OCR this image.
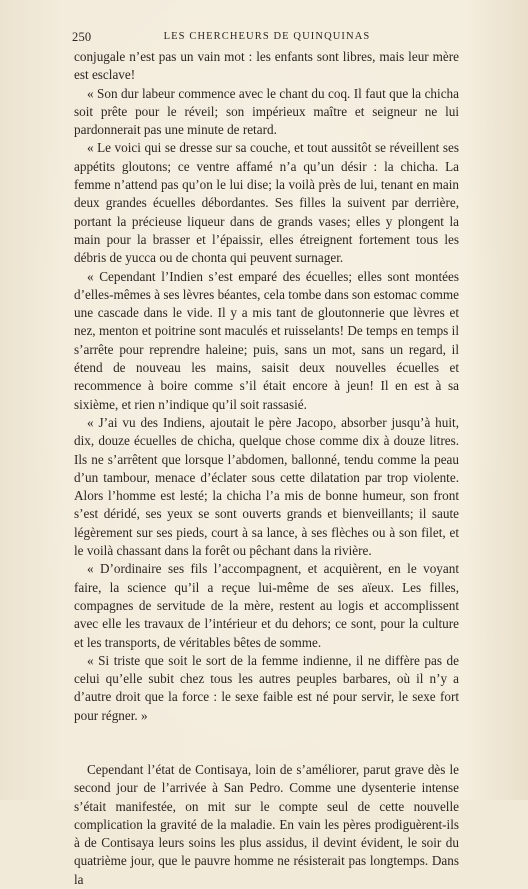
250	LES CHERCHEURS DE QUINQUINAS

conjugale n’est pas un vain mot : les enfants sont libres, mais leur mère est esclave!

« Son dur labeur commence avec le chant du coq. Il faut que la chicha soit prête pour le réveil; son impérieux maître et seigneur ne lui pardonnerait pas une minute de retard.

« Le voici qui se dresse sur sa couche, et tout aussitôt se réveillent ses appétits gloutons; ce ventre affamé n’a qu’un désir : la chicha. La femme n’attend pas qu’on le lui dise; la voilà près de lui, tenant en main deux grandes écuelles débordantes. Ses filles la suivent par derrière, portant la précieuse liqueur dans de grands vases; elles y plongent la main pour la brasser et l’épaissir, elles étreignent fortement tous les débris de yucca ou de chonta qui peuvent surnager.

« Cependant l’Indien s’est emparé des écuelles; elles sont montées d’elles-mêmes à ses lèvres béantes, cela tombe dans son estomac comme une cascade dans le vide. Il y a mis tant de gloutonnerie que lèvres et nez, menton et poitrine sont maculés et ruisselants! De temps en temps il s’arrête pour reprendre haleine; puis, sans un mot, sans un regard, il étend de nouveau les mains, saisit deux nouvelles écuelles et recommence à boire comme s’il était encore à jeun! Il en est à sa sixième, et rien n’indique qu’il soit rassasié.

« J’ai vu des Indiens, ajoutait le père Jacopo, absorber jusqu’à huit, dix, douze écuelles de chicha, quelque chose comme dix à douze litres. Ils ne s’arrêtent que lorsque l’abdomen, ballonné, tendu comme la peau d’un tambour, menace d’éclater sous cette dilatation par trop violente. Alors l’homme est lesté; la chicha l’a mis de bonne humeur, son front s’est déridé, ses yeux se sont ouverts grands et bienveillants; il saute légèrement sur ses pieds, court à sa lance, à ses flèches ou à son filet, et le voilà chassant dans la forêt ou pêchant dans la rivière.

« D’ordinaire ses fils l’accompagnent, et acquièrent, en le voyant faire, la science qu’il a reçue lui-même de ses aïeux. Les filles, compagnes de servitude de la mère, restent au logis et accomplissent avec elle les travaux de l’intérieur et du dehors; ce sont, pour la culture et les transports, de véritables bêtes de somme.

« Si triste que soit le sort de la femme indienne, il ne diffère pas de celui qu’elle subit chez tous les autres peuples barbares, où il n’y a d’autre droit que la force : le sexe faible est né pour servir, le sexe fort pour régner. »

Cependant l’état de Contisaya, loin de s’améliorer, parut grave dès le second jour de l’arrivée à San Pedro. Comme une dysenterie intense s’était manifestée, on mit sur le compte seul de cette nouvelle complication la gravité de la maladie. En vain les pères prodiguèrent-ils à de Contisaya leurs soins les plus assidus, il devint évident, le soir du quatrième jour, que le pauvre homme ne résisterait pas longtemps. Dans la
